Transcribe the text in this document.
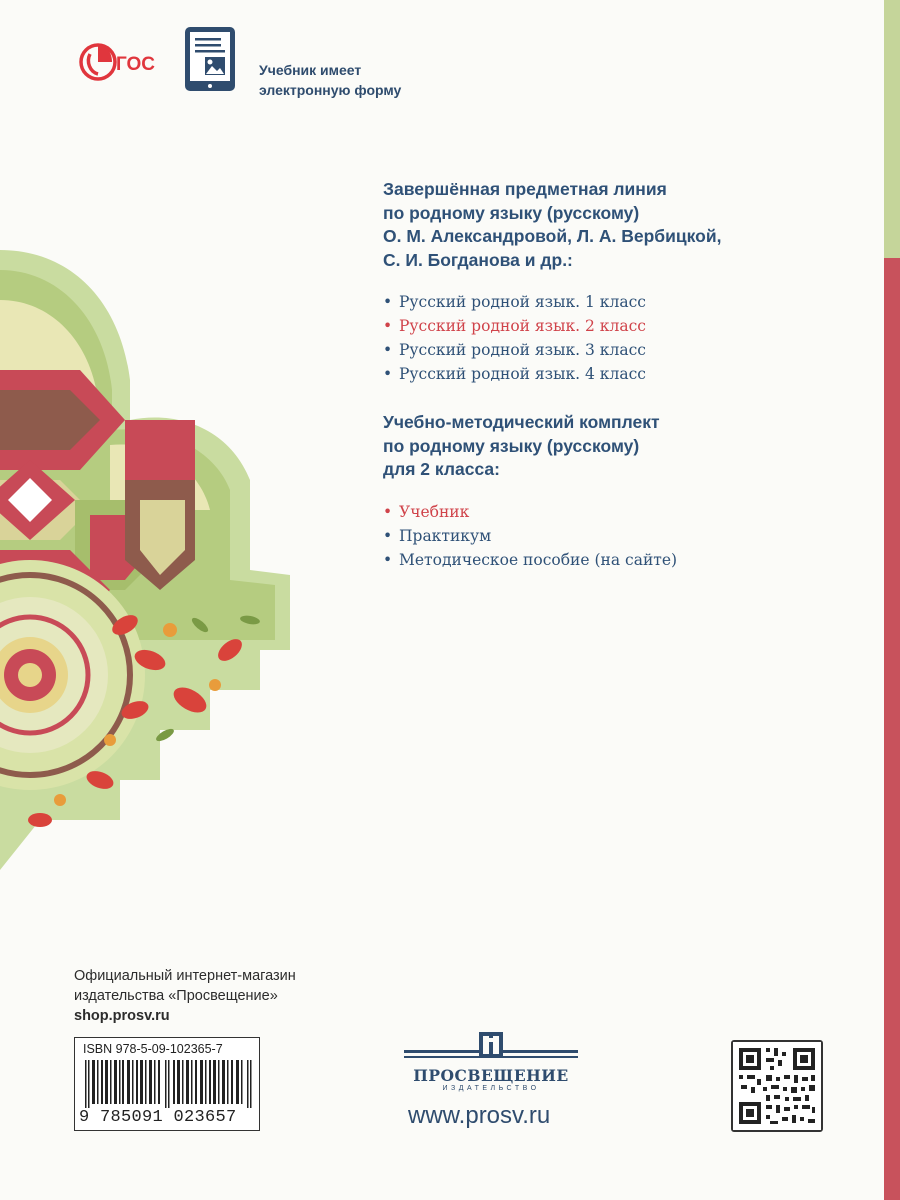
ГОС	Учебник имеет
электронную форму
Завершённая предметная линия
по родному языку (русскому)
О. М. Александровой, Л. А. Вербицкой,
С. И. Богданова и др.:
• Русский родной язык. 1 класс
• Русский родной язык. 2 класс
• Русский родной язык. 3 класс
• Русский родной язык. 4 класс
Учебно-методический комплект
по родному языку (русскому)
для 2 класса:
• Учебник
• Практикум
• Методическое пособие (на сайте)
Официальный интернет-магазин
издательства «Просвещение»
shop.prosv.ru
ISBN 978-5-09-102365-7
9 785091 023657
ПРОСВЕЩЕНИЕ
ИЗДАТЕЛЬСТВО
www.prosv.ru
